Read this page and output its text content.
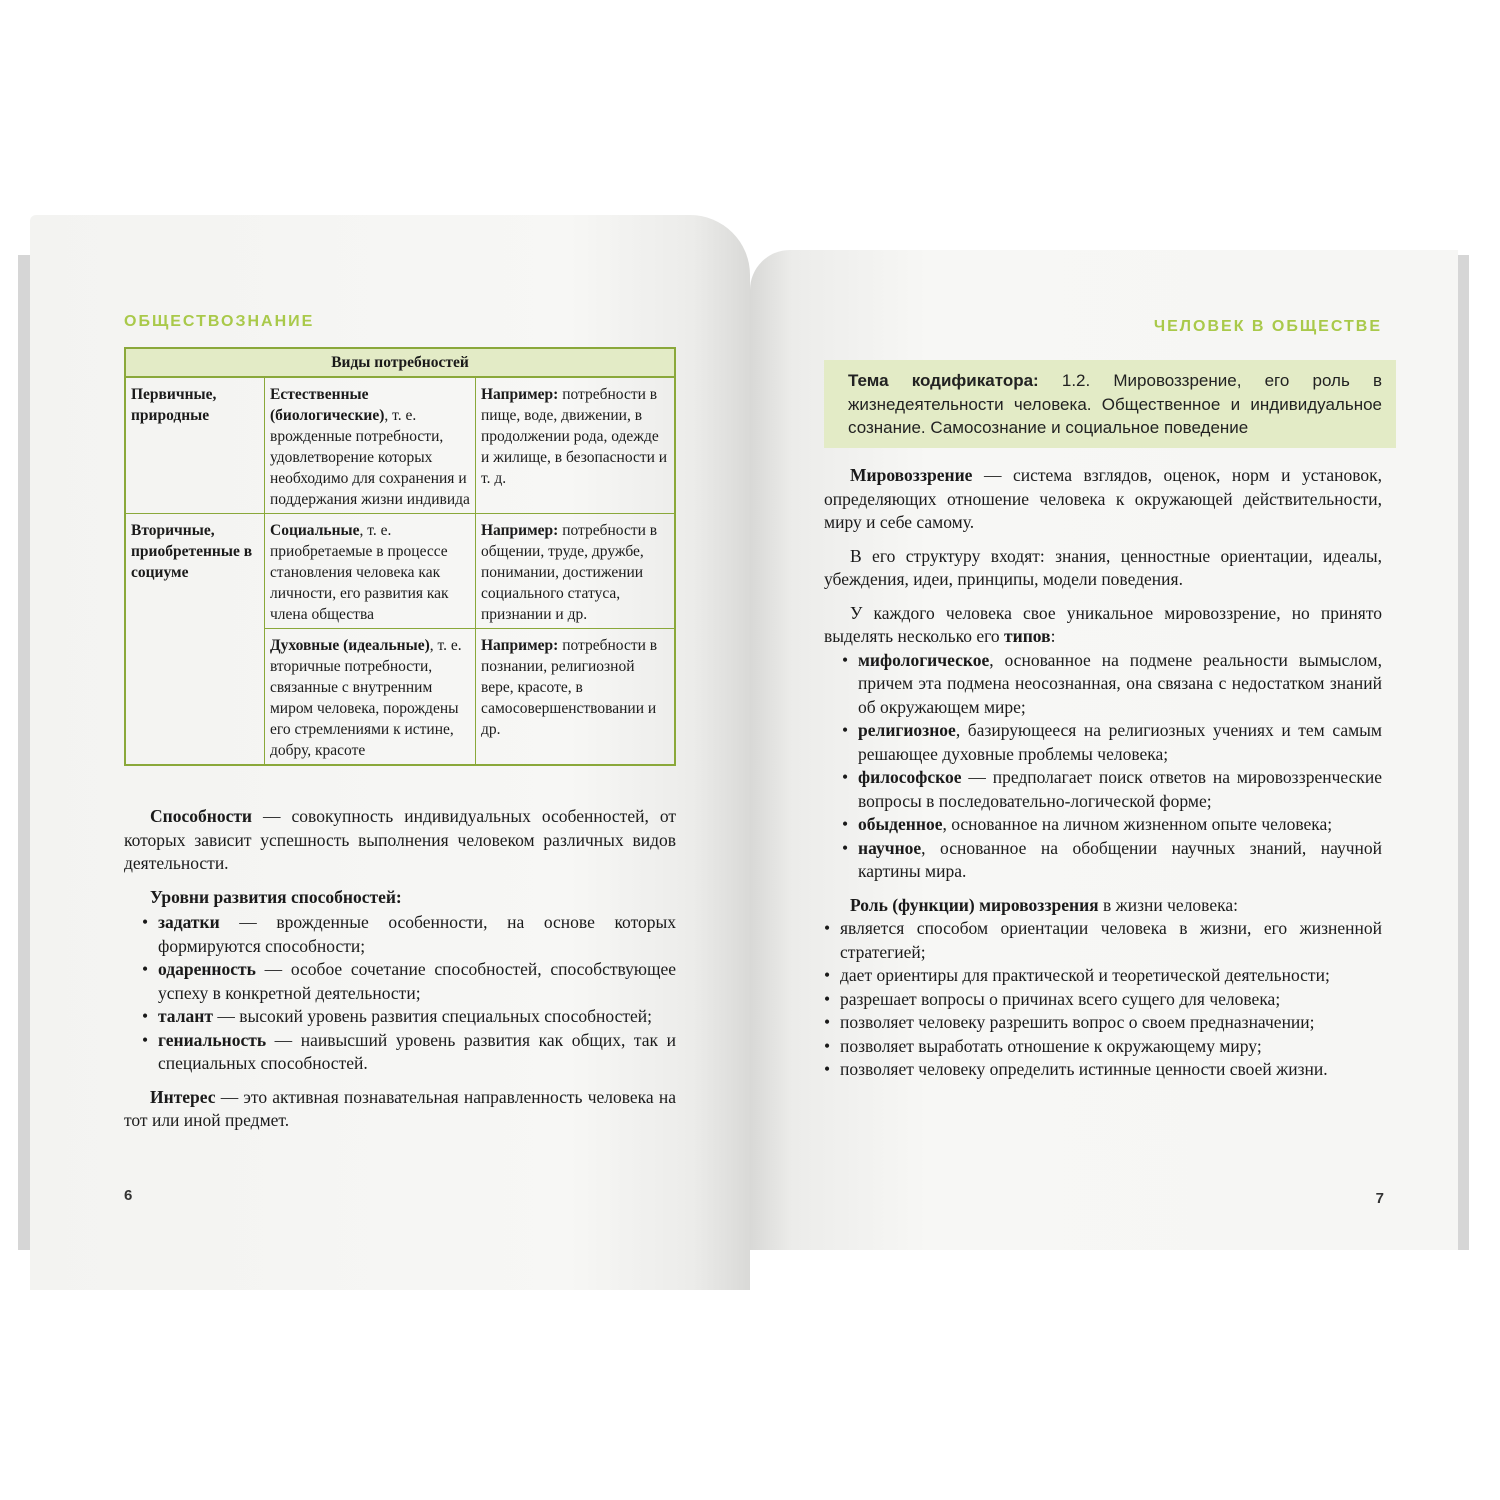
ОБЩЕСТВОЗНАНИЕ
Виды потребностей		
Первичные, природные	Естественные (биологические), т. е. врожденные потребности, удовлетворение которых необходимо для сохранения и поддержания жизни индивида	Например: потребности в пище, воде, движении, в продолжении рода, одежде и жилище, в безопасности и т. д.
Вторичные, приобретенные в социуме	Социальные, т. е. приобретаемые в процессе становления человека как личности, его развития как члена общества	Например: потребности в общении, труде, дружбе, понимании, достижении социального статуса, признании и др.
	Духовные (идеальные), т. е. вторичные потребности, связанные с внутренним миром человека, порождены его стремлениями к истине, добру, красоте	Например: потребности в познании, религиозной вере, красоте, в самосовершенствовании и др.

Способности — совокупность индивидуальных особенностей, от которых зависит успешность выполнения человеком различных видов деятельности.

Уровни развития способностей:

• задатки — врожденные особенности, на основе которых формируются способности;
• одаренность — особое сочетание способностей, способствующее успеху в конкретной деятельности;
• талант — высокий уровень развития специальных способностей;
• гениальность — наивысший уровень развития как общих, так и специальных способностей.

Интерес — это активная познавательная направленность человека на тот или иной предмет.

6
ЧЕЛОВЕК В ОБЩЕСТВЕ
Тема кодификатора: 1.2. Мировоззрение, его роль в жизнедеятельности человека. Общественное и индивидуальное сознание. Самосознание и социальное поведение

Мировоззрение — система взглядов, оценок, норм и установок, определяющих отношение человека к окружающей действительности, миру и себе самому.

В его структуру входят: знания, ценностные ориентации, идеалы, убеждения, идеи, принципы, модели поведения.

У каждого человека свое уникальное мировоззрение, но принято выделять несколько его типов:

• мифологическое, основанное на подмене реальности вымыслом, причем эта подмена неосознанная, она связана с недостатком знаний об окружающем мире;
• религиозное, базирующееся на религиозных учениях и тем самым решающее духовные проблемы человека;
• философское — предполагает поиск ответов на мировоззренческие вопросы в последовательно-логической форме;
• обыденное, основанное на личном жизненном опыте человека;
• научное, основанное на обобщении научных знаний, научной картины мира.

Роль (функции) мировоззрения в жизни человека:

• является способом ориентации человека в жизни, его жизненной стратегией;
• дает ориентиры для практической и теоретической деятельности;
• разрешает вопросы о причинах всего сущего для человека;
• позволяет человеку разрешить вопрос о своем предназначении;
• позволяет выработать отношение к окружающему миру;
• позволяет человеку определить истинные ценности своей жизни.
7
